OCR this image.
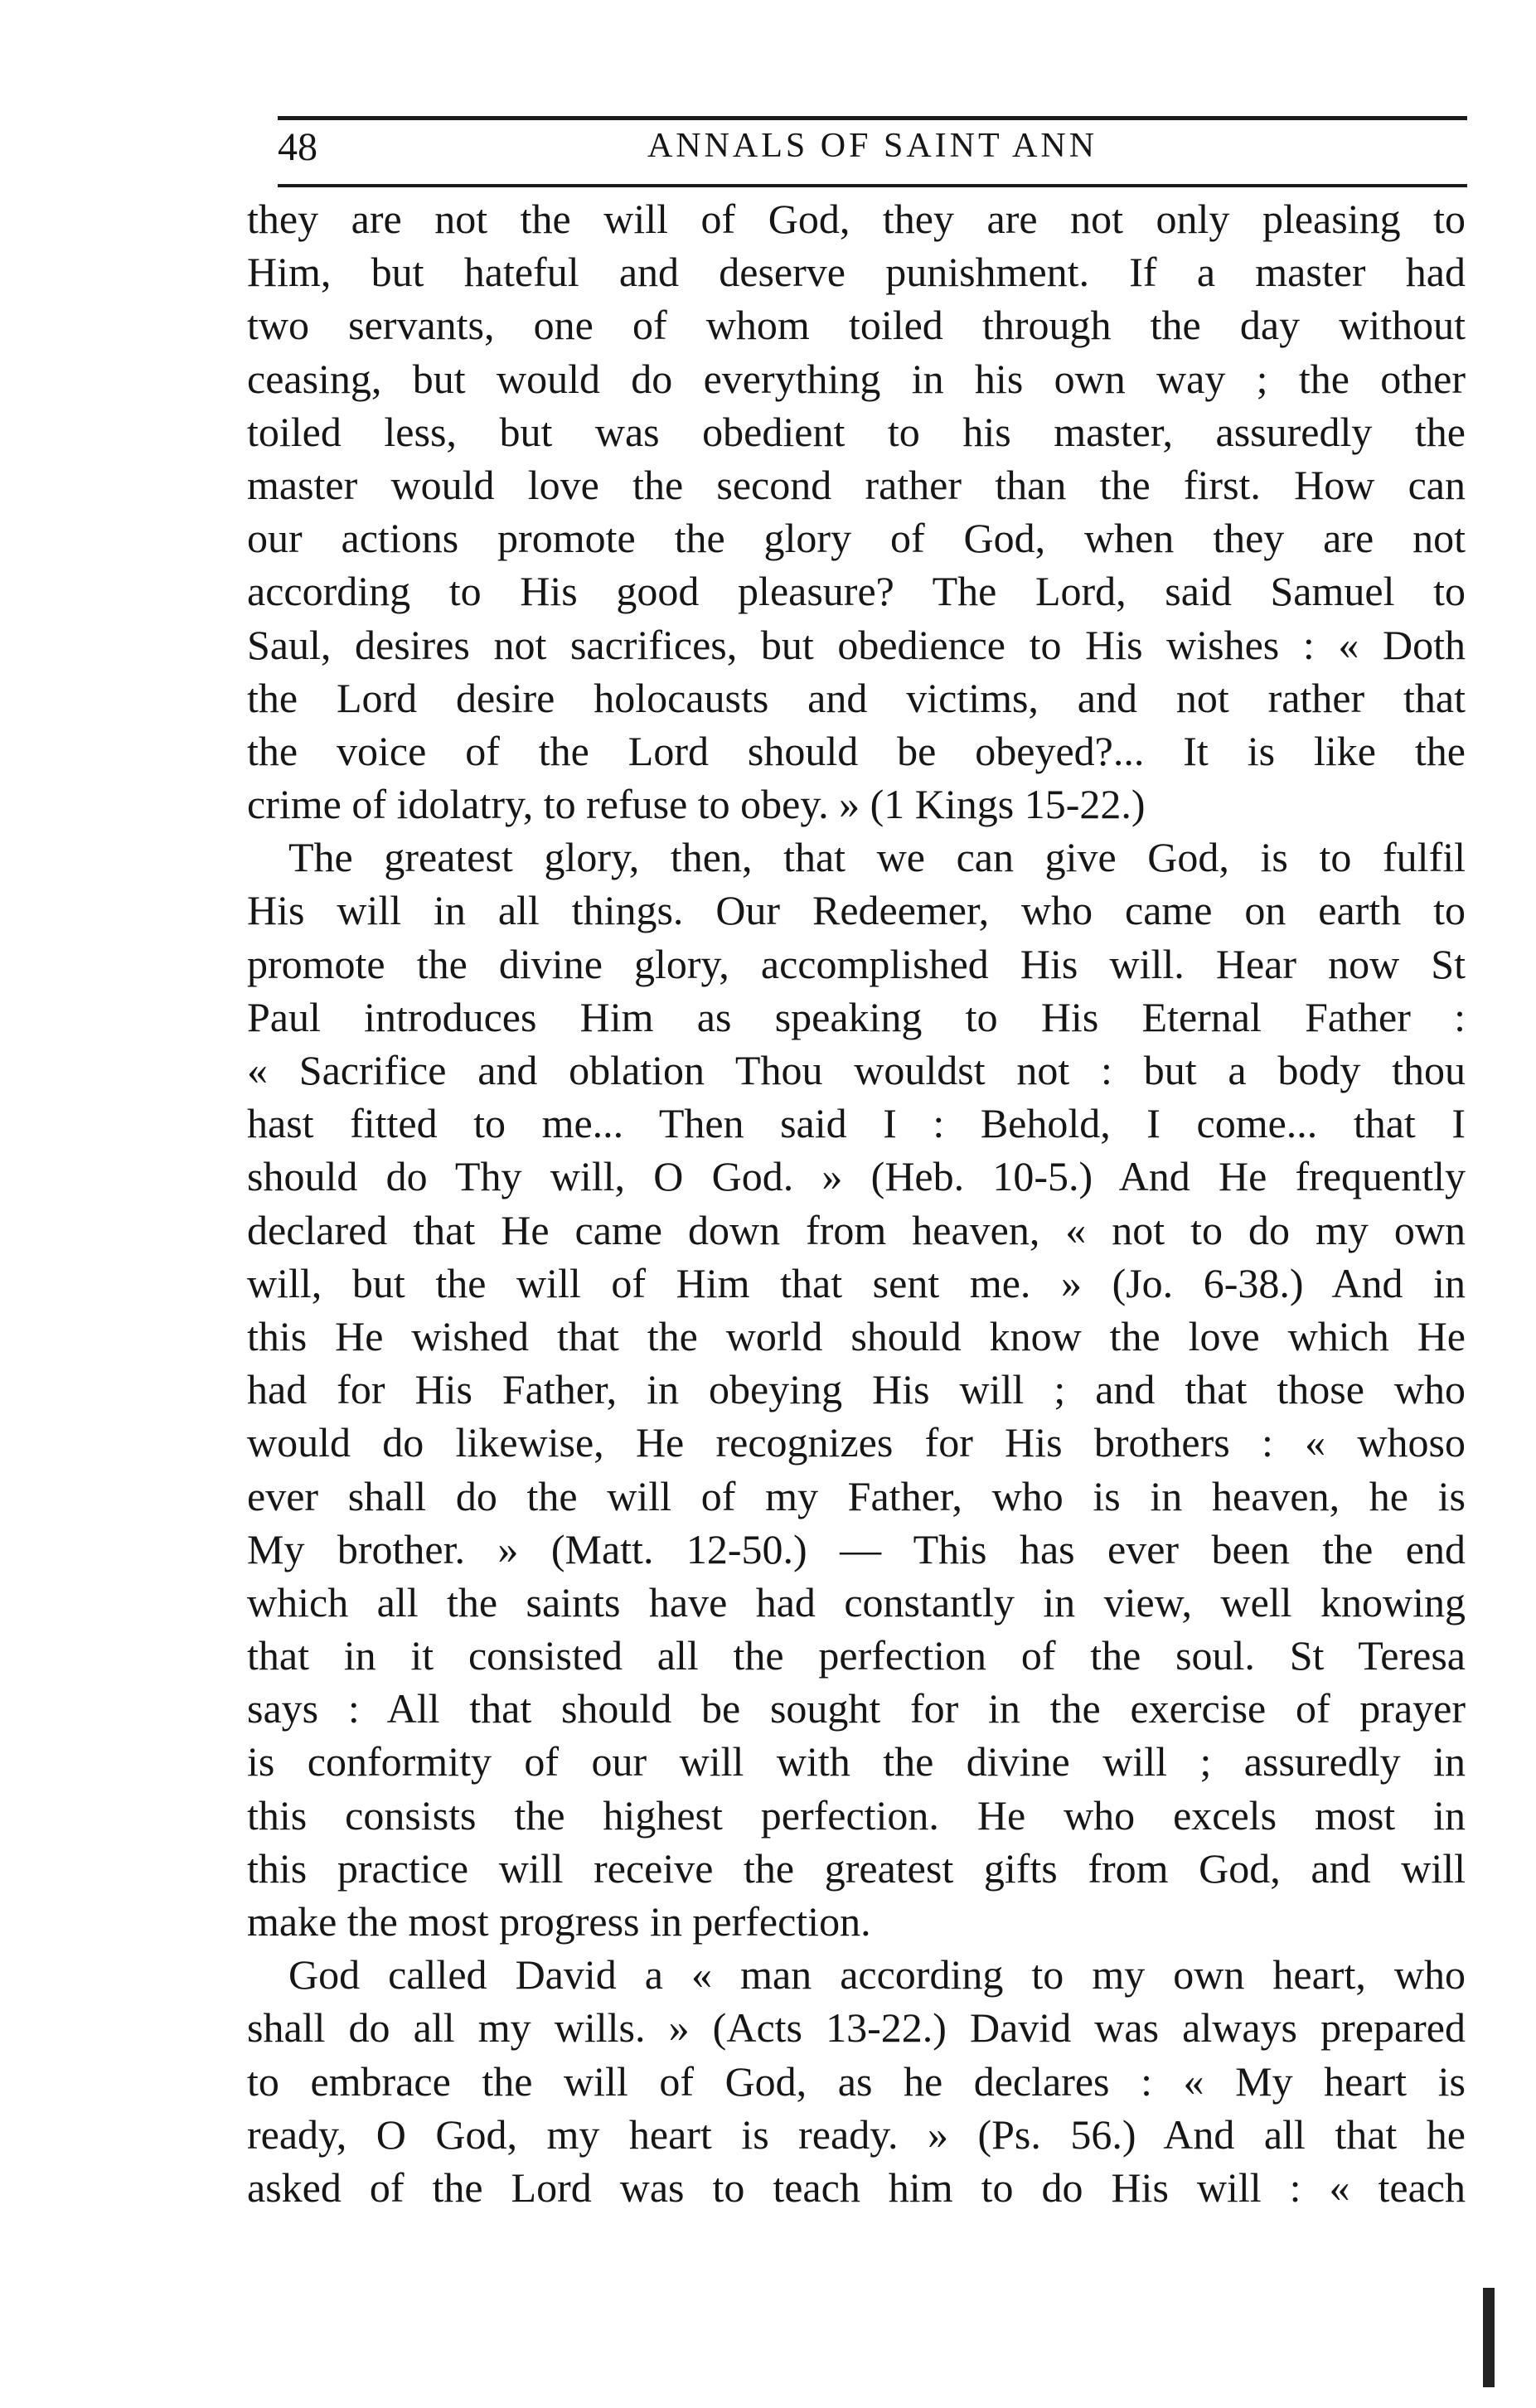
48	ANNALS OF SAINT ANN
they are not the will of God, they are not only pleasing to
Him, but hateful and deserve punishment. If a master had
two servants, one of whom toiled through the day without
ceasing, but would do everything in his own way ; the other
toiled less, but was obedient to his master, assuredly the
master would love the second rather than the first. How can
our actions promote the glory of God, when they are not
according to His good pleasure? The Lord, said Samuel to
Saul, desires not sacrifices, but obedience to His wishes : « Doth
the Lord desire holocausts and victims, and not rather that
the voice of the Lord should be obeyed?... It is like the
crime of idolatry, to refuse to obey. » (1 Kings 15-22.)
The greatest glory, then, that we can give God, is to fulfil
His will in all things. Our Redeemer, who came on earth to
promote the divine glory, accomplished His will. Hear now St
Paul introduces Him as speaking to His Eternal Father :
« Sacrifice and oblation Thou wouldst not : but a body thou
hast fitted to me... Then said I : Behold, I come... that I
should do Thy will, O God. » (Heb. 10-5.) And He frequently
declared that He came down from heaven, « not to do my own
will, but the will of Him that sent me. » (Jo. 6-38.) And in
this He wished that the world should know the love which He
had for His Father, in obeying His will ; and that those who
would do likewise, He recognizes for His brothers : « whoso
ever shall do the will of my Father, who is in heaven, he is
My brother. » (Matt. 12-50.) — This has ever been the end
which all the saints have had constantly in view, well knowing
that in it consisted all the perfection of the soul. St Teresa
says : All that should be sought for in the exercise of prayer
is conformity of our will with the divine will ; assuredly in
this consists the highest perfection. He who excels most in
this practice will receive the greatest gifts from God, and will
make the most progress in perfection.
God called David a « man according to my own heart, who
shall do all my wills. » (Acts 13-22.) David was always prepared
to embrace the will of God, as he declares : « My heart is
ready, O God, my heart is ready. » (Ps. 56.) And all that he
asked of the Lord was to teach him to do His will : « teach
